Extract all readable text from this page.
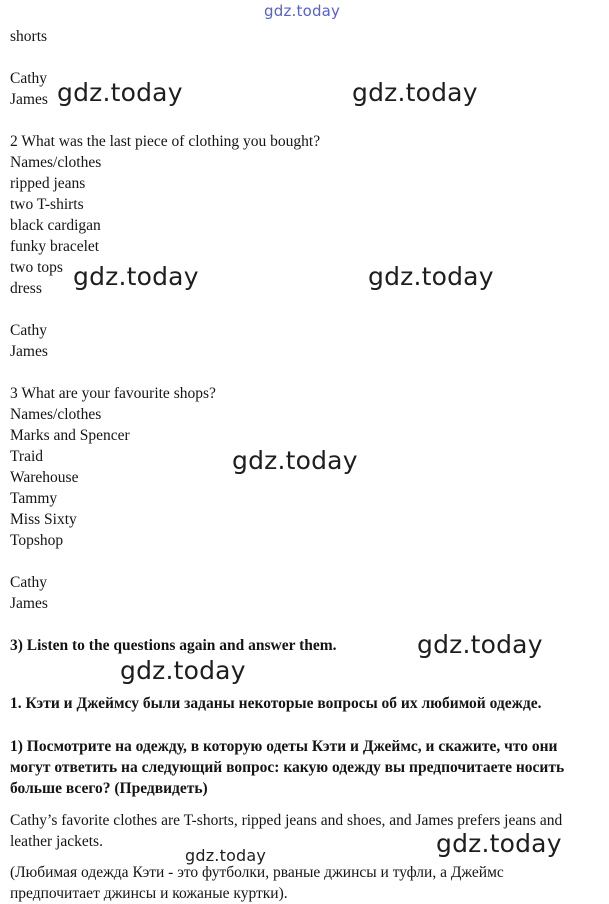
gdz.today
gdz.today	gdz.today
gdz.today	gdz.today
gdz.today
gdz.today
gdz.today
gdz.today
gdz.today
shorts
Cathy
James
2 What was the last piece of clothing you bought?
Names/clothes
ripped jeans
two T-shirts
black cardigan
funky bracelet
two tops
dress
Cathy
James
3 What are your favourite shops?
Names/clothes
Marks and Spencer
Traid
Warehouse
Tammy
Miss Sixty
Topshop
Cathy
James
3) Listen to the questions again and answer them.
1. Кэти и Джеймсу были заданы некоторые вопросы об их любимой одежде.
1) Посмотрите на одежду, в которую одеты Кэти и Джеймс, и скажите, что они могут ответить на следующий вопрос: какую одежду вы предпочитаете носить больше всего? (Предвидеть)
Cathy’s favorite clothes are T-shorts, ripped jeans and shoes, and James prefers jeans and leather jackets.
(Любимая одежда Кэти - это футболки, рваные джинсы и туфли, а Джеймс предпочитает джинсы и кожаные куртки).
